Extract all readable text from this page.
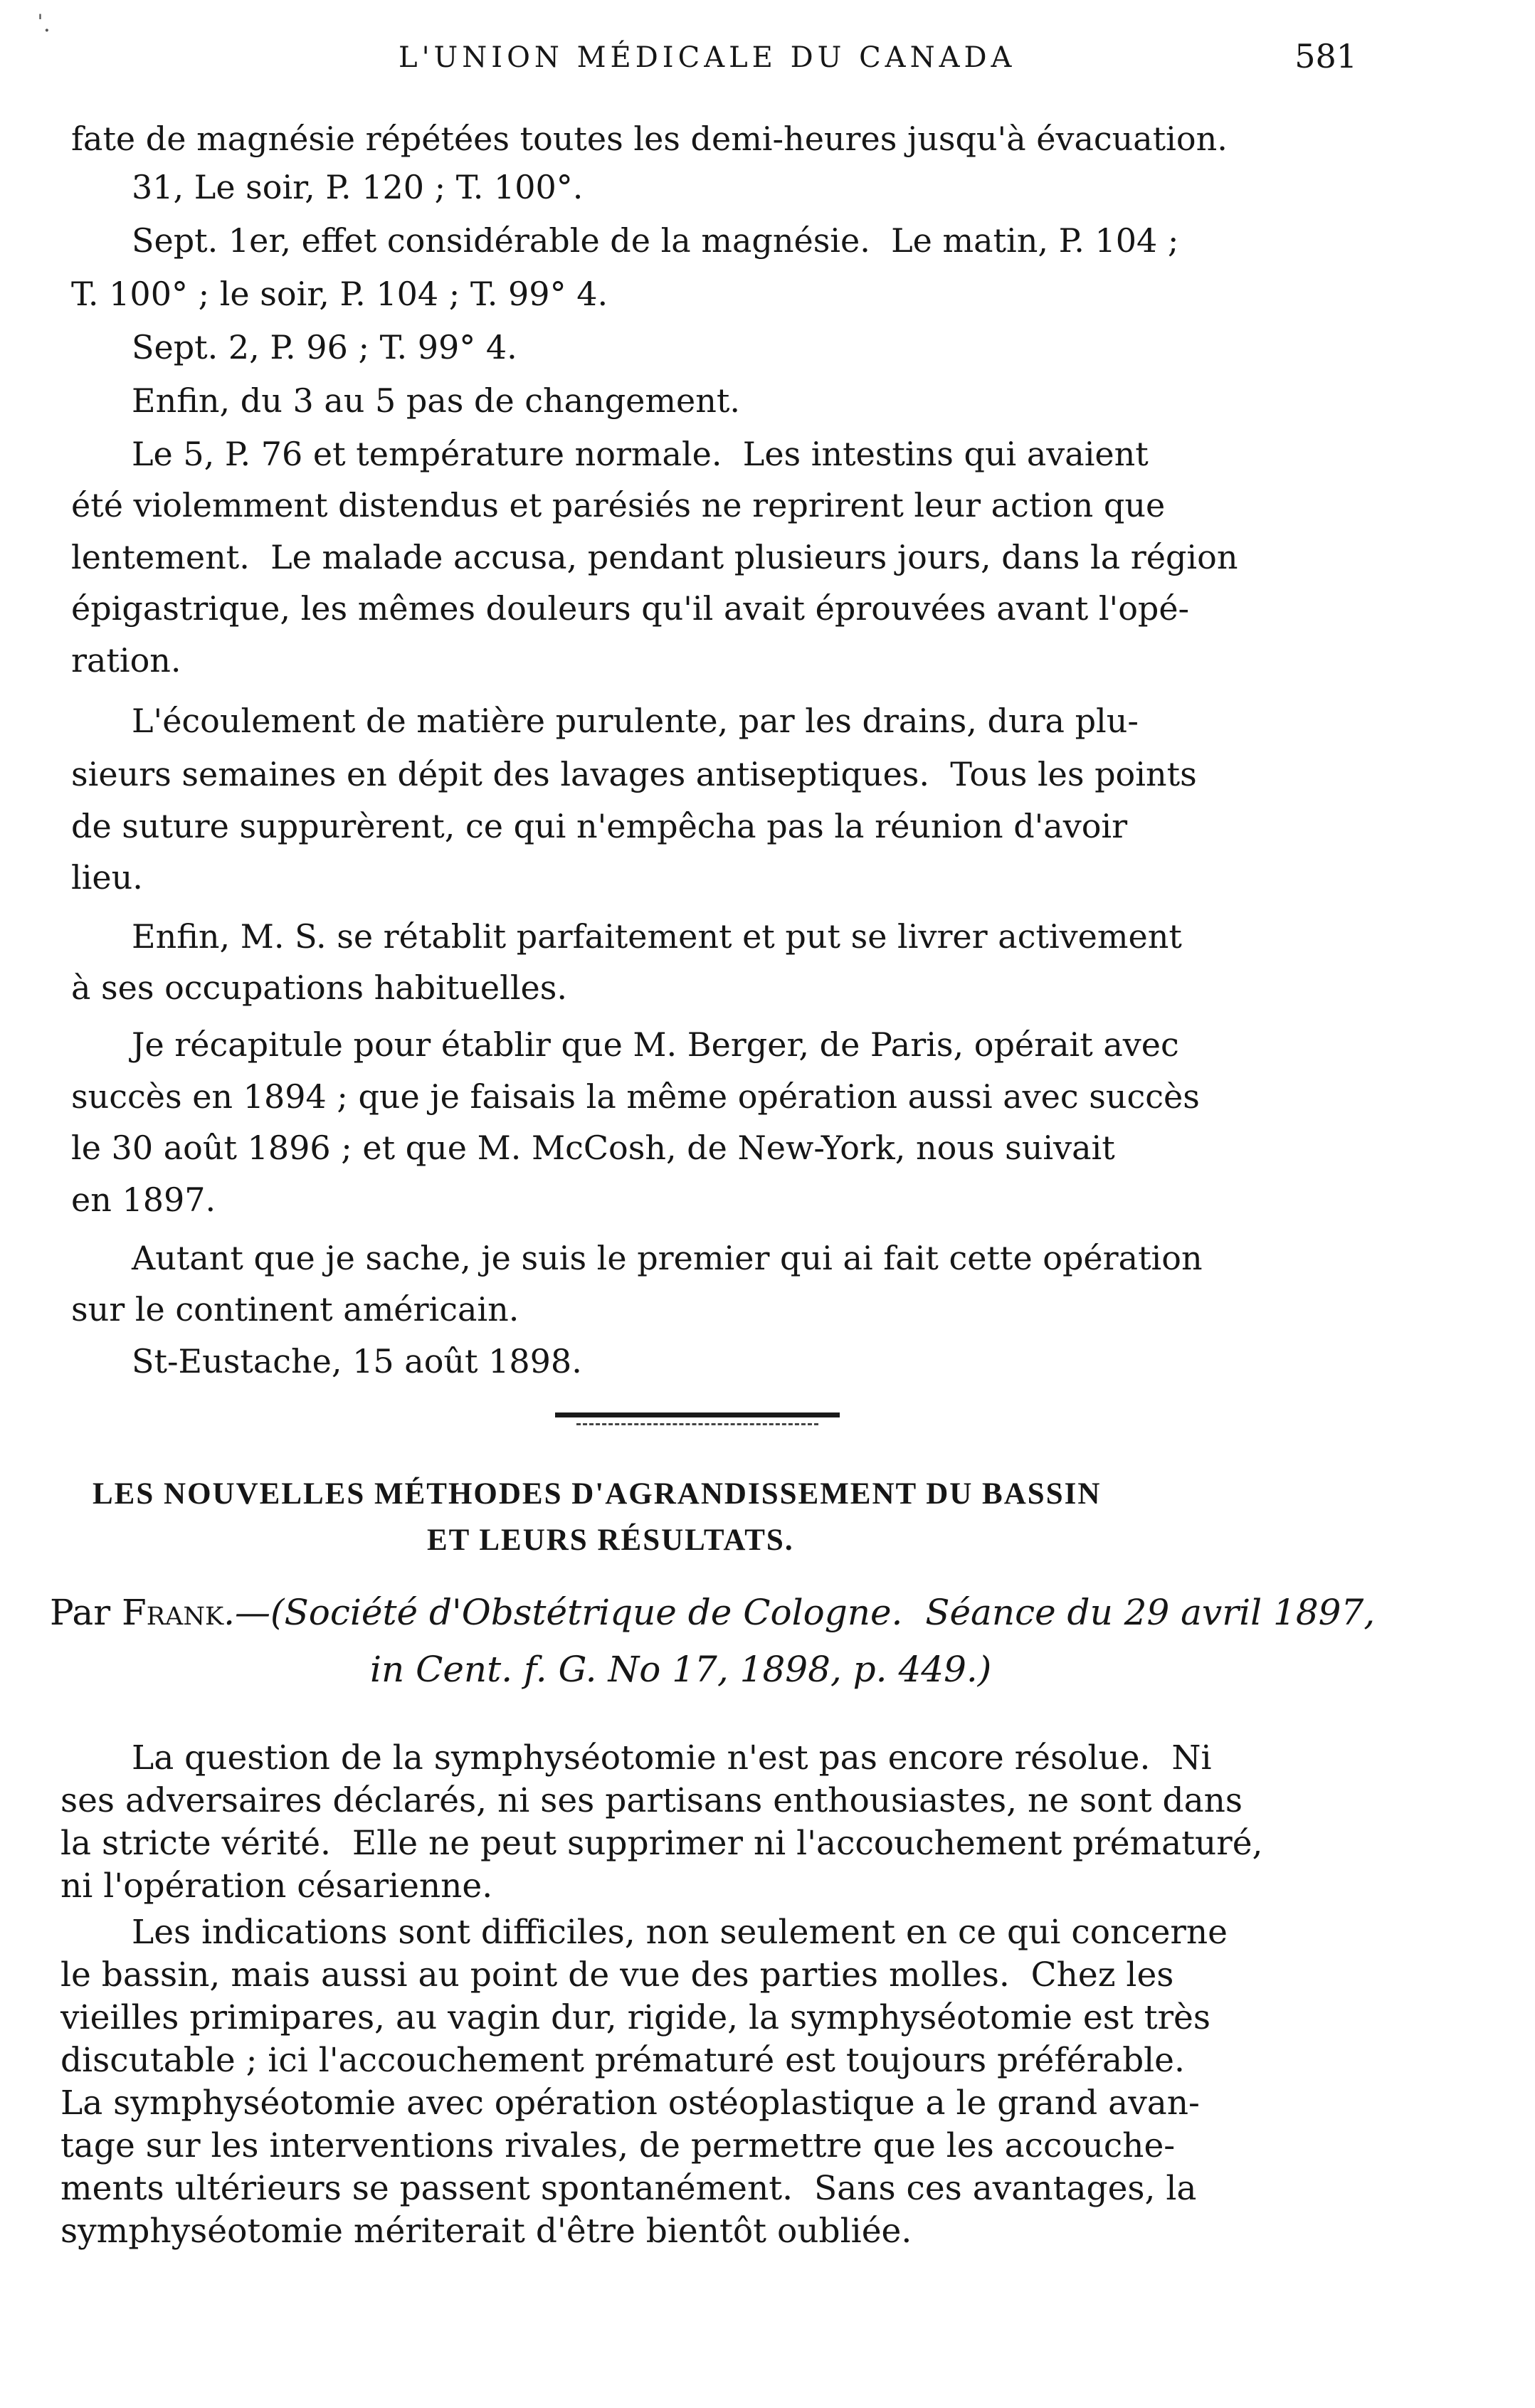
ˈ.
L'UNION MÉDICALE DU CANADA	581
fate de magnésie répétées toutes les demi-heures jusqu'à évacuation.
31, Le soir, P. 120 ; T. 100°.
Sept. 1er, effet considérable de la magnésie.  Le matin, P. 104 ;
T. 100° ; le soir, P. 104 ; T. 99° 4.
Sept. 2, P. 96 ; T. 99° 4.
Enfin, du 3 au 5 pas de changement.
Le 5, P. 76 et température normale.  Les intestins qui avaient
été violemment distendus et parésiés ne reprirent leur action que
lentement.  Le malade accusa, pendant plusieurs jours, dans la région
épigastrique, les mêmes douleurs qu'il avait éprouvées avant l'opé-
ration.
L'écoulement de matière purulente, par les drains, dura plu-
sieurs semaines en dépit des lavages antiseptiques.  Tous les points
de suture suppurèrent, ce qui n'empêcha pas la réunion d'avoir
lieu.
Enfin, M. S. se rétablit parfaitement et put se livrer activement
à ses occupations habituelles.
Je récapitule pour établir que M. Berger, de Paris, opérait avec
succès en 1894 ; que je faisais la même opération aussi avec succès
le 30 août 1896 ; et que M. McCosh, de New-York, nous suivait
en 1897.
Autant que je sache, je suis le premier qui ai fait cette opération
sur le continent américain.
St-Eustache, 15 août 1898.
LES NOUVELLES MÉTHODES D'AGRANDISSEMENT DU BASSIN
ET LEURS RÉSULTATS.
Par Frank.—(Société d'Obstétrique de Cologne.  Séance du 29 avril 1897,
in Cent. f. G. No 17, 1898, p. 449.)
La question de la symphyséotomie n'est pas encore résolue.  Ni
ses adversaires déclarés, ni ses partisans enthousiastes, ne sont dans
la stricte vérité.  Elle ne peut supprimer ni l'accouchement prématuré,
ni l'opération césarienne.
Les indications sont difficiles, non seulement en ce qui concerne
le bassin, mais aussi au point de vue des parties molles.  Chez les
vieilles primipares, au vagin dur, rigide, la symphyséotomie est très
discutable ; ici l'accouchement prématuré est toujours préférable.
La symphyséotomie avec opération ostéoplastique a le grand avan-
tage sur les interventions rivales, de permettre que les accouche-
ments ultérieurs se passent spontanément.  Sans ces avantages, la
symphyséotomie mériterait d'être bientôt oubliée.
